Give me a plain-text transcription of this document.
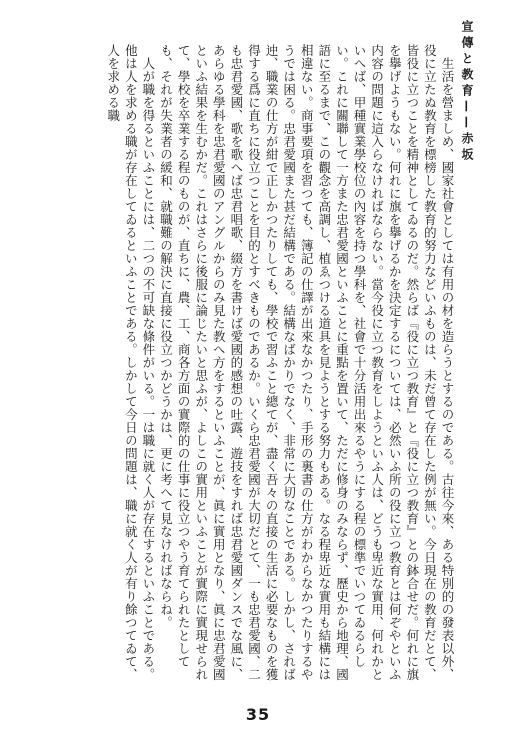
宣傳と教育——赤坂

生活を營ましめ、國家社會としては有用の材を造らうとするのである。古往今來、ある特別的の發表以外、役に立たぬ教育を標榜した教育的努力などいふものは、未だ曾て存在した例が無い。今日現在の教育だとて、皆役に立つことを精神としてゐるのだ。然らば『役に立つ教育』と『役に立つ教育』との鉢合せだ。何れに旗を擧げようもない。何れに旗を擧げるかを決定するについては、必然いふ所の役に立つ教育とは何ぞやといふ内容の問題に這入らなければならない。當今役に立つ教育をしようといふ人は、どうも卑近な實用、何れかといへば、甲種實業學校位の內容を持つ學科を、社會で十分活用出來るやうにする程の標準でいつてゐるらしい。これに關聯して一方また忠君愛國といふことに重點を置いて、ただに修身のみならず、歷史から地理、國語に至るまで、この觀念を高調し、植ゑつける道具を見ようとする努力もある。なる程卑近な實用も結構には相違ない。商事要項を習つても、簿記の仕譯が出來なかつたり、手形の裏書の仕方がわからなかつたりするやうでは困る。忠君愛國また甚だ結構である。結構なばかりでなく、非常に大切なことである。しかし、されば迚、職業の仕方が紺で正しかつたりしても、學校で習ふこと總てが、盡く吾々の直接の生活に必要なものを獲得する爲に直ちに役立つことを目的とすべきものであるか。いくら忠君愛國が大切だとて、一も忠君愛國、二も忠君愛國、歌を歌へば忠君唱歌、綴方を書けば愛國的感想の吐露、遊技をすれば忠君愛國ダンスでな風に、あらゆる學科を忠君愛國のアングルからのみ見た教へ方をするといふことが、眞に實用となり、眞に忠君愛國といふ結果を生むかだ。これはさらに後服に論じたいと思ふが、よしこの實用といふことが實際に實現せられて、學校を卒業する程のものが、直ちに、農、工、商各方面の實際的の仕事に役立つやう育てられたとしても、それが失業者の緩和、就職難の解決に直接に役立つかどうかは、更に考へて見なければならね。

人が職を得るといふことには、二つの不可缺な條件がいる。一は職に就く人が存在するといふことである。他は人を求める職が存在してゐるといふことである。しかして今日の問題は、職に就く人が有り餘つてゐて、人を求める職

35
